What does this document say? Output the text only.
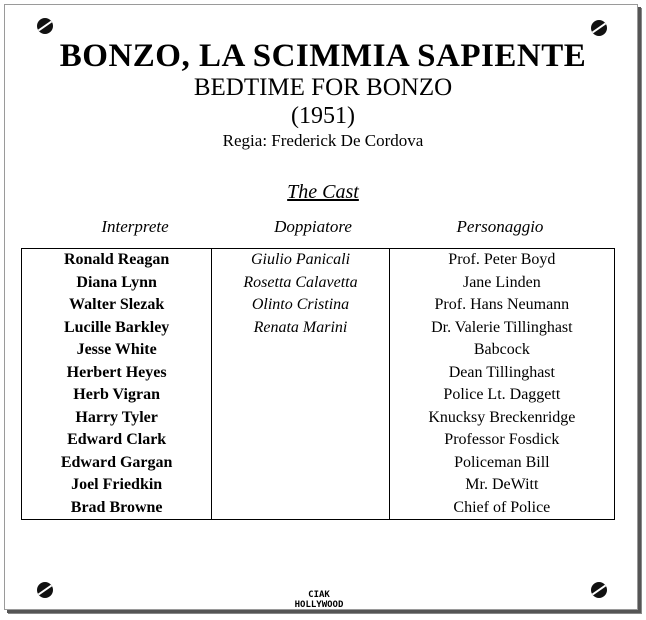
BONZO, LA SCIMMIA SAPIENTE
BEDTIME FOR BONZO
(1951)
Regia: Frederick De Cordova
The Cast
Interprete	Doppiatore	Personaggio
Ronald Reagan	Giulio Panicali	Prof. Peter Boyd
Diana Lynn	Rosetta Calavetta	Jane Linden
Walter Slezak	Olinto Cristina	Prof. Hans Neumann
Lucille Barkley	Renata Marini	Dr. Valerie Tillinghast
Jesse White		Babcock
Herbert Heyes		Dean Tillinghast
Herb Vigran		Police Lt. Daggett
Harry Tyler		Knucksy Breckenridge
Edward Clark		Professor Fosdick
Edward Gargan		Policeman Bill
Joel Friedkin		Mr. DeWitt
Brad Browne		Chief of Police
CIAK HOLLYWOOD
